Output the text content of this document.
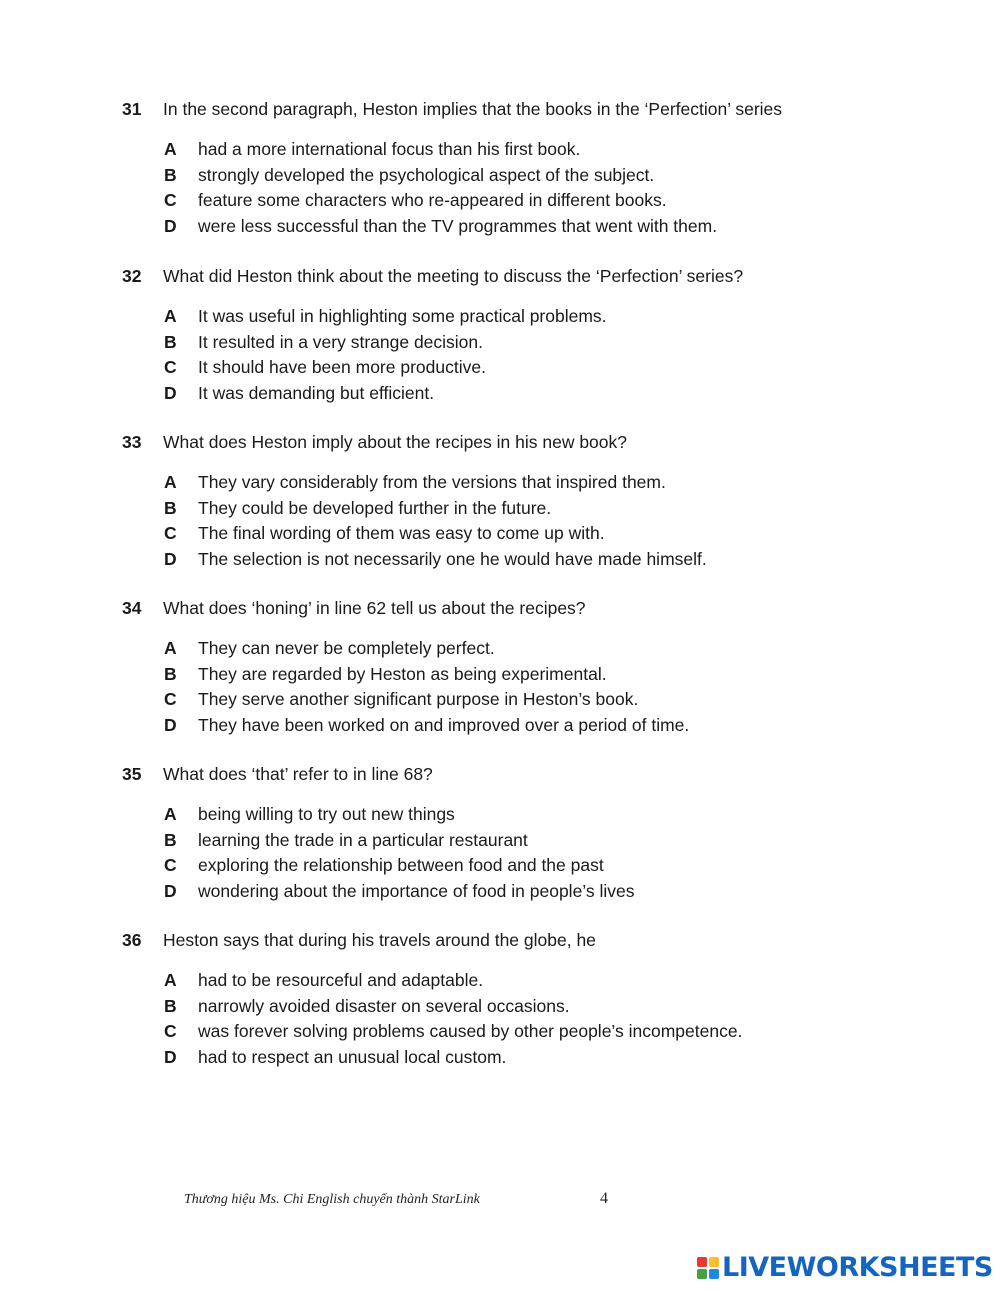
31	In the second paragraph, Heston implies that the books in the ‘Perfection’ series
A	had a more international focus than his first book.
B	strongly developed the psychological aspect of the subject.
C	feature some characters who re-appeared in different books.
D	were less successful than the TV programmes that went with them.
32	What did Heston think about the meeting to discuss the ‘Perfection’ series?
A	It was useful in highlighting some practical problems.
B	It resulted in a very strange decision.
C	It should have been more productive.
D	It was demanding but efficient.
33	What does Heston imply about the recipes in his new book?
A	They vary considerably from the versions that inspired them.
B	They could be developed further in the future.
C	The final wording of them was easy to come up with.
D	The selection is not necessarily one he would have made himself.
34	What does ‘honing’ in line 62 tell us about the recipes?
A	They can never be completely perfect.
B	They are regarded by Heston as being experimental.
C	They serve another significant purpose in Heston’s book.
D	They have been worked on and improved over a period of time.
35	What does ‘that’ refer to in line 68?
A	being willing to try out new things
B	learning the trade in a particular restaurant
C	exploring the relationship between food and the past
D	wondering about the importance of food in people’s lives
36	Heston says that during his travels around the globe, he
A	had to be resourceful and adaptable.
B	narrowly avoided disaster on several occasions.
C	was forever solving problems caused by other people’s incompetence.
D	had to respect an unusual local custom.
Thương hiệu Ms. Chi English chuyển thành StarLink	4
LIVEWORKSHEETS
